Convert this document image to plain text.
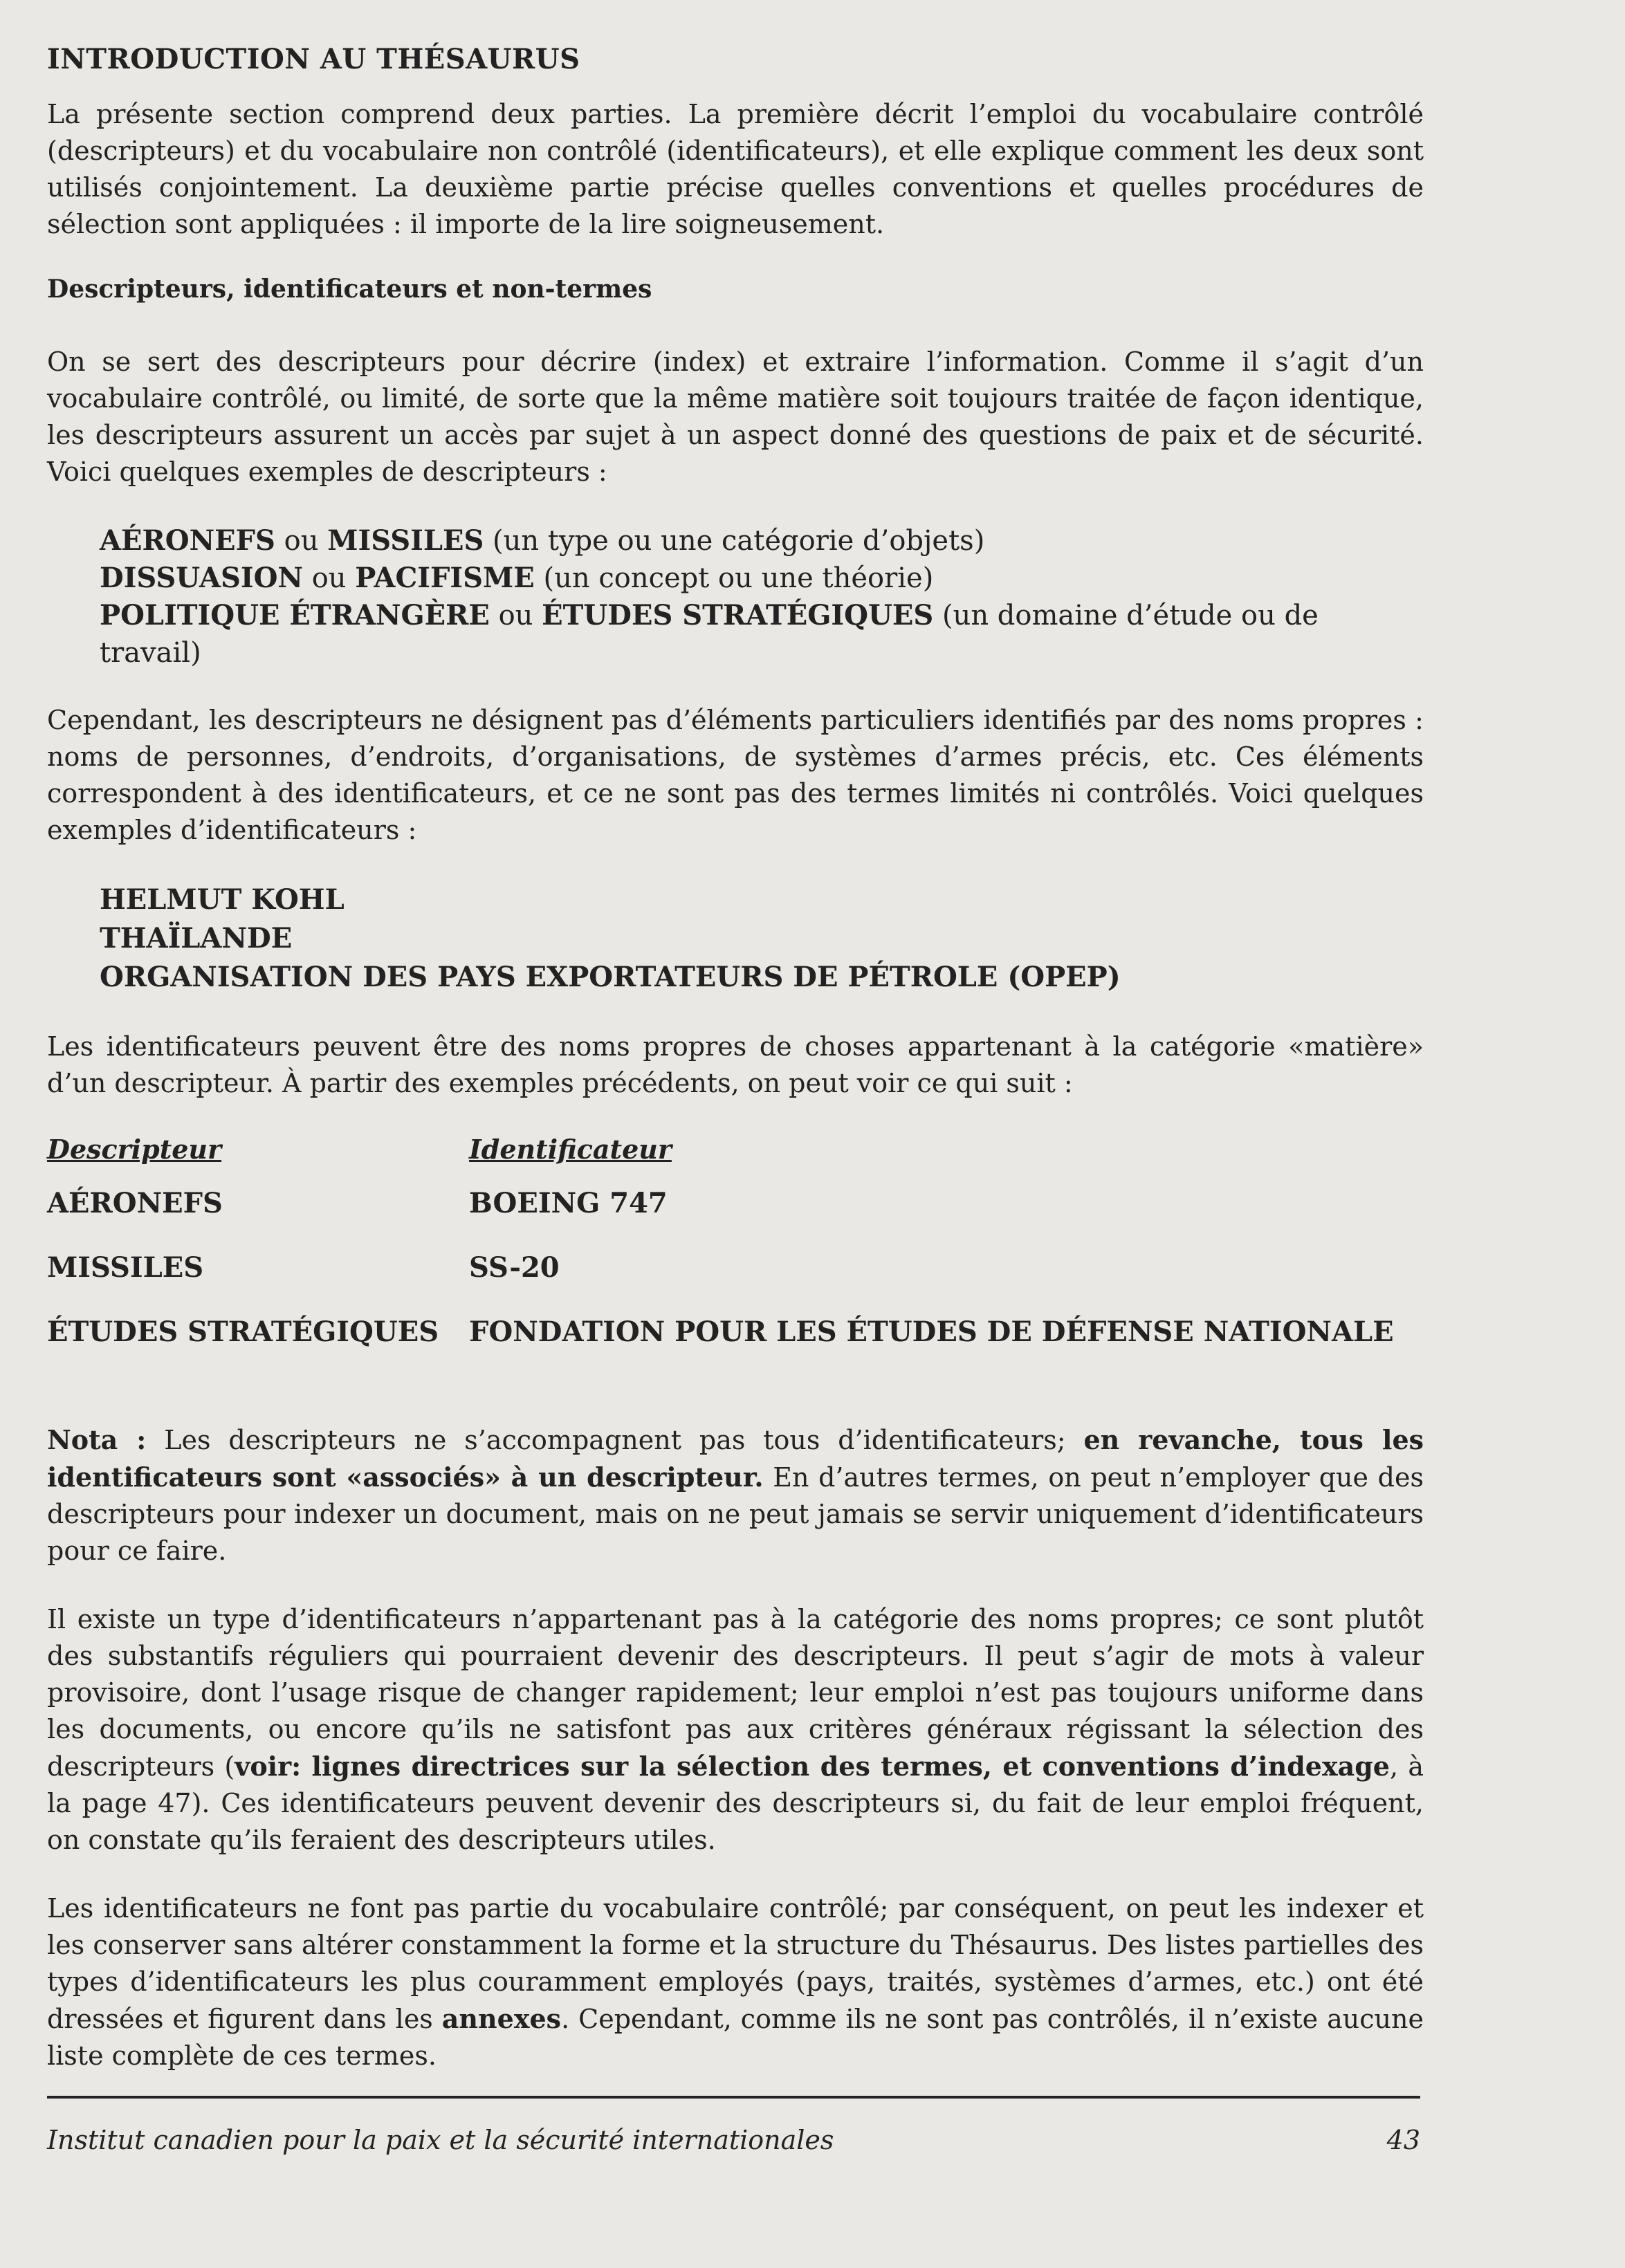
INTRODUCTION AU THÉSAURUS

La présente section comprend deux parties. La première décrit l’emploi du vocabulaire contrôlé (descripteurs) et du vocabulaire non contrôlé (identificateurs), et elle explique comment les deux sont utilisés conjointement. La deuxième partie précise quelles conventions et quelles procédures de sélection sont appliquées : il importe de la lire soigneusement.

Descripteurs, identificateurs et non-termes

On se sert des descripteurs pour décrire (index) et extraire l’information. Comme il s’agit d’un vocabulaire contrôlé, ou limité, de sorte que la même matière soit toujours traitée de façon identique, les descripteurs assurent un accès par sujet à un aspect donné des questions de paix et de sécurité. Voici quelques exemples de descripteurs :

AÉRONEFS ou MISSILES (un type ou une catégorie d’objets)
DISSUASION ou PACIFISME (un concept ou une théorie)
POLITIQUE ÉTRANGÈRE ou ÉTUDES STRATÉGIQUES (un domaine d’étude ou de travail)

Cependant, les descripteurs ne désignent pas d’éléments particuliers identifiés par des noms propres : noms de personnes, d’endroits, d’organisations, de systèmes d’armes précis, etc. Ces éléments correspondent à des identificateurs, et ce ne sont pas des termes limités ni contrôlés. Voici quelques exemples d’identificateurs :

HELMUT KOHL
THAÏLANDE
ORGANISATION DES PAYS EXPORTATEURS DE PÉTROLE (OPEP)

Les identificateurs peuvent être des noms propres de choses appartenant à la catégorie «matière» d’un descripteur. À partir des exemples précédents, on peut voir ce qui suit :

Descripteur	Identificateur
AÉRONEFS	BOEING 747
MISSILES	SS-20
ÉTUDES STRATÉGIQUES	FONDATION POUR LES ÉTUDES DE DÉFENSE NATIONALE

Nota : Les descripteurs ne s’accompagnent pas tous d’identificateurs; en revanche, tous les identificateurs sont «associés» à un descripteur. En d’autres termes, on peut n’employer que des descripteurs pour indexer un document, mais on ne peut jamais se servir uniquement d’identificateurs pour ce faire.

Il existe un type d’identificateurs n’appartenant pas à la catégorie des noms propres; ce sont plutôt des substantifs réguliers qui pourraient devenir des descripteurs. Il peut s’agir de mots à valeur provisoire, dont l’usage risque de changer rapidement; leur emploi n’est pas toujours uniforme dans les documents, ou encore qu’ils ne satisfont pas aux critères généraux régissant la sélection des descripteurs (voir: lignes directrices sur la sélection des termes, et conventions d’indexage, à la page 47). Ces identificateurs peuvent devenir des descripteurs si, du fait de leur emploi fréquent, on constate qu’ils feraient des descripteurs utiles.

Les identificateurs ne font pas partie du vocabulaire contrôlé; par conséquent, on peut les indexer et les conserver sans altérer constamment la forme et la structure du Thésaurus. Des listes partielles des types d’identificateurs les plus couramment employés (pays, traités, systèmes d’armes, etc.) ont été dressées et figurent dans les annexes. Cependant, comme ils ne sont pas contrôlés, il n’existe aucune liste complète de ces termes.

Institut canadien pour la paix et la sécurité internationales	43
